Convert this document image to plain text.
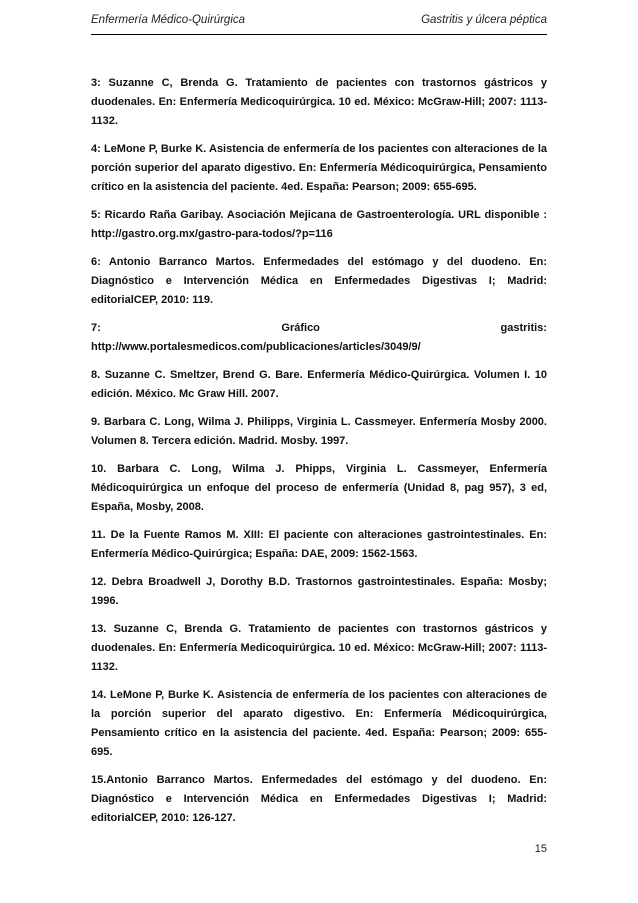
Enfermería Médico-Quirúrgica	Gastritis y úlcera péptica

3: Suzanne C, Brenda G. Tratamiento de pacientes con trastornos gástricos y duodenales. En: Enfermería Medicoquirúrgica. 10 ed. México: McGraw-Hill; 2007: 1113-1132.

4: LeMone P, Burke K. Asistencia de enfermería de los pacientes con alteraciones de la porción superior del aparato digestivo. En: Enfermería Médicoquirúrgica, Pensamiento crítico en la asistencia del paciente. 4ed. España: Pearson; 2009: 655-695.

5: Ricardo Raña Garibay. Asociación Mejicana de Gastroenterología. URL disponible : http://gastro.org.mx/gastro-para-todos/?p=116

6: Antonio Barranco Martos. Enfermedades del estómago y del duodeno. En: Diagnóstico e Intervención Médica en Enfermedades Digestivas I; Madrid: editorialCEP, 2010: 119.

7:	Gráfico	gastritis:
http://www.portalesmedicos.com/publicaciones/articles/3049/9/

8. Suzanne C. Smeltzer, Brend G. Bare. Enfermería Médico-Quirúrgica. Volumen I. 10 edición. México. Mc Graw Hill. 2007.

9. Barbara C. Long, Wilma J. Philipps, Virginia L. Cassmeyer. Enfermería Mosby 2000. Volumen 8. Tercera edición. Madrid. Mosby. 1997.

10. Barbara C. Long, Wilma J. Phipps, Virginia L. Cassmeyer, Enfermería Médicoquirúrgica un enfoque del proceso de enfermería (Unidad 8, pag 957), 3 ed, España, Mosby, 2008.

11. De la Fuente Ramos M. XIII: El paciente con alteraciones gastrointestinales. En: Enfermería Médico-Quirúrgica; España: DAE, 2009: 1562-1563.

12. Debra Broadwell J, Dorothy B.D. Trastornos gastrointestinales. España: Mosby; 1996.

13. Suzanne C, Brenda G. Tratamiento de pacientes con trastornos gástricos y duodenales. En: Enfermería Medicoquirúrgica. 10 ed. México: McGraw-Hill; 2007: 1113-1132.

14. LeMone P, Burke K. Asistencia de enfermería de los pacientes con alteraciones de la porción superior del aparato digestivo. En: Enfermería Médicoquirúrgica, Pensamiento crítico en la asistencia del paciente. 4ed. España: Pearson; 2009: 655-695.

15.Antonio Barranco Martos. Enfermedades del estómago y del duodeno. En: Diagnóstico e Intervención Médica en Enfermedades Digestivas I; Madrid: editorialCEP, 2010: 126-127.

15
